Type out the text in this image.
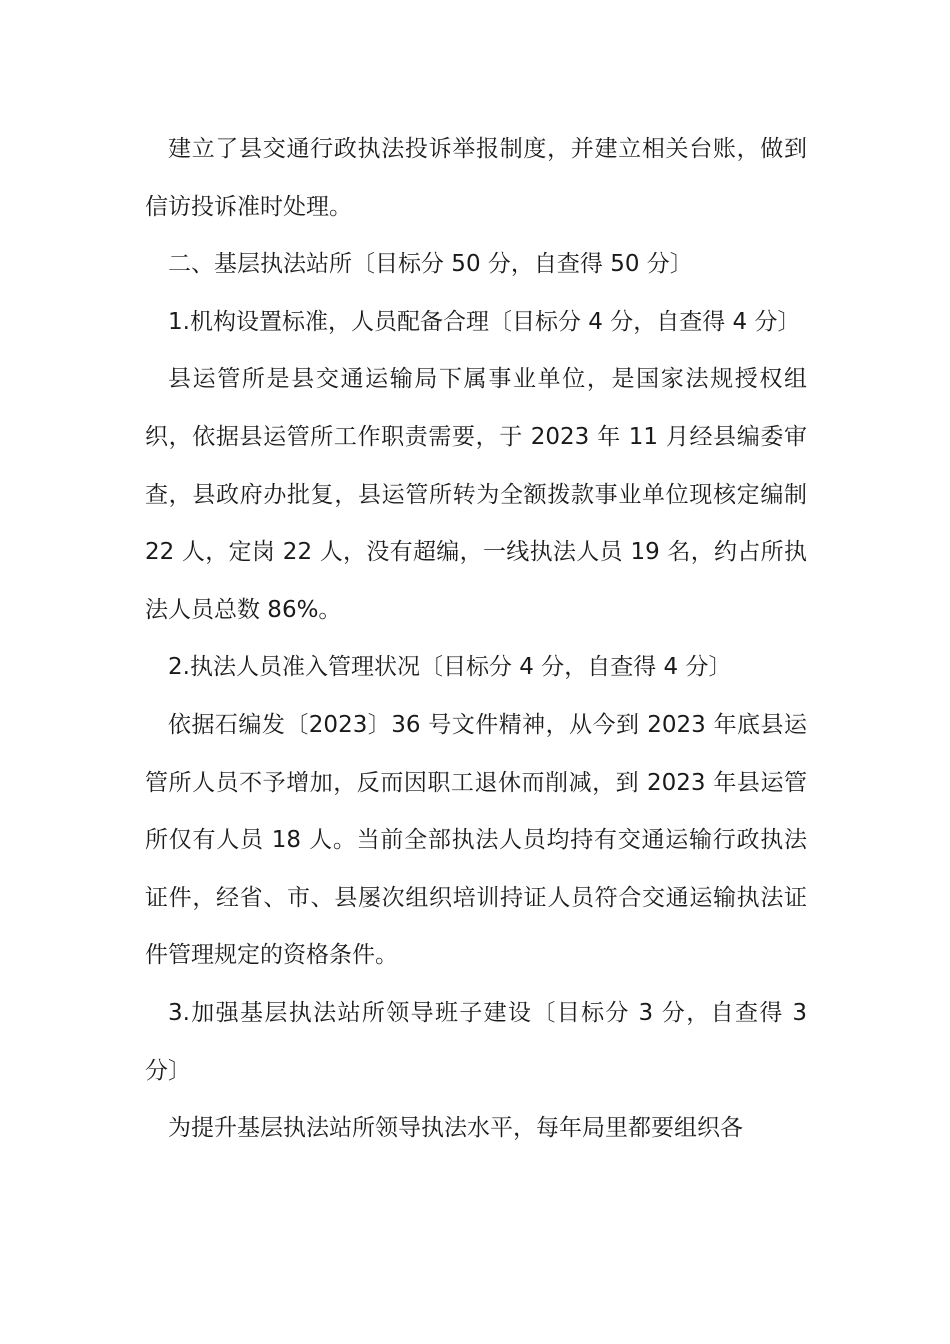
建立了县交通行政执法投诉举报制度，并建立相关台账，做到信访投诉准时处理。

二、基层执法站所〔目标分 50 分，自查得 50 分〕

1.机构设置标准，人员配备合理〔目标分 4 分，自查得 4 分〕

县运管所是县交通运输局下属事业单位，是国家法规授权组织，依据县运管所工作职责需要，于 2023 年 11 月经县编委审查，县政府办批复，县运管所转为全额拨款事业单位现核定编制 22 人，定岗 22 人，没有超编，一线执法人员 19 名，约占所执法人员总数 86%。

2.执法人员准入管理状况〔目标分 4 分，自查得 4 分〕

依据石编发〔2023〕36 号文件精神，从今到 2023 年底县运管所人员不予增加，反而因职工退休而削减，到 2023 年县运管所仅有人员 18 人。当前全部执法人员均持有交通运输行政执法证件，经省、市、县屡次组织培训持证人员符合交通运输执法证件管理规定的资格条件。

3.加强基层执法站所领导班子建设〔目标分 3 分，自查得 3 分〕

为提升基层执法站所领导执法水平，每年局里都要组织各
